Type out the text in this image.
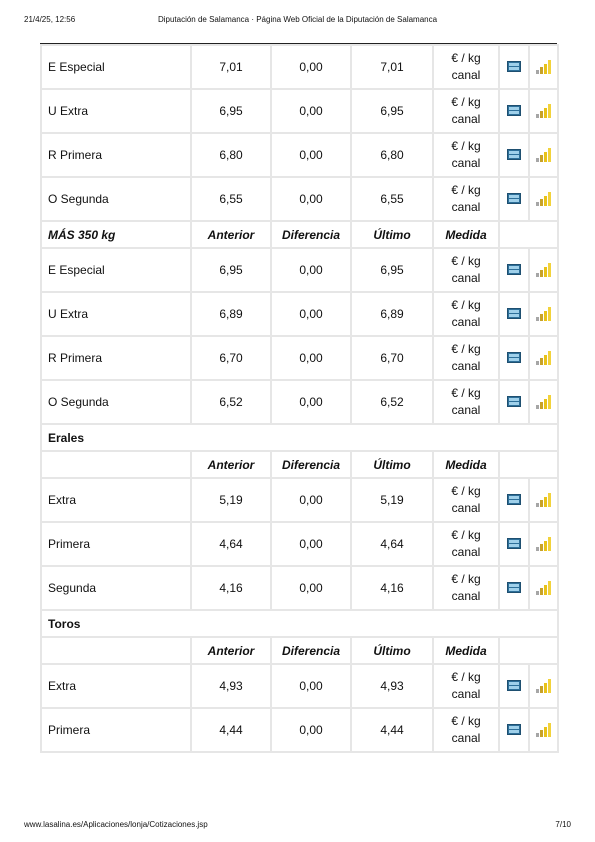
21/4/25, 12:56	Diputación de Salamanca · Página Web Oficial de la Diputación de Salamanca
E Especial	7,01	0,00	7,01	€ / kg
canal		

U Extra	6,95	0,00	6,95	€ / kg
canal		

R Primera	6,80	0,00	6,80	€ / kg
canal		

O Segunda	6,55	0,00	6,55	€ / kg
canal		

MÁS 350 kg	Anterior	Diferencia	Último	Medida		
E Especial	6,95	0,00	6,95	€ / kg
canal		

U Extra	6,89	0,00	6,89	€ / kg
canal		

R Primera	6,70	0,00	6,70	€ / kg
canal		

O Segunda	6,52	0,00	6,52	€ / kg
canal		

Erales						
	Anterior	Diferencia	Último	Medida		
Extra	5,19	0,00	5,19	€ / kg
canal		

Primera	4,64	0,00	4,64	€ / kg
canal		

Segunda	4,16	0,00	4,16	€ / kg
canal		

Toros						
	Anterior	Diferencia	Último	Medida		
Extra	4,93	0,00	4,93	€ / kg
canal		

Primera	4,44	0,00	4,44	€ / kg
canal		
www.lasalina.es/Aplicaciones/lonja/Cotizaciones.jsp	7/10
